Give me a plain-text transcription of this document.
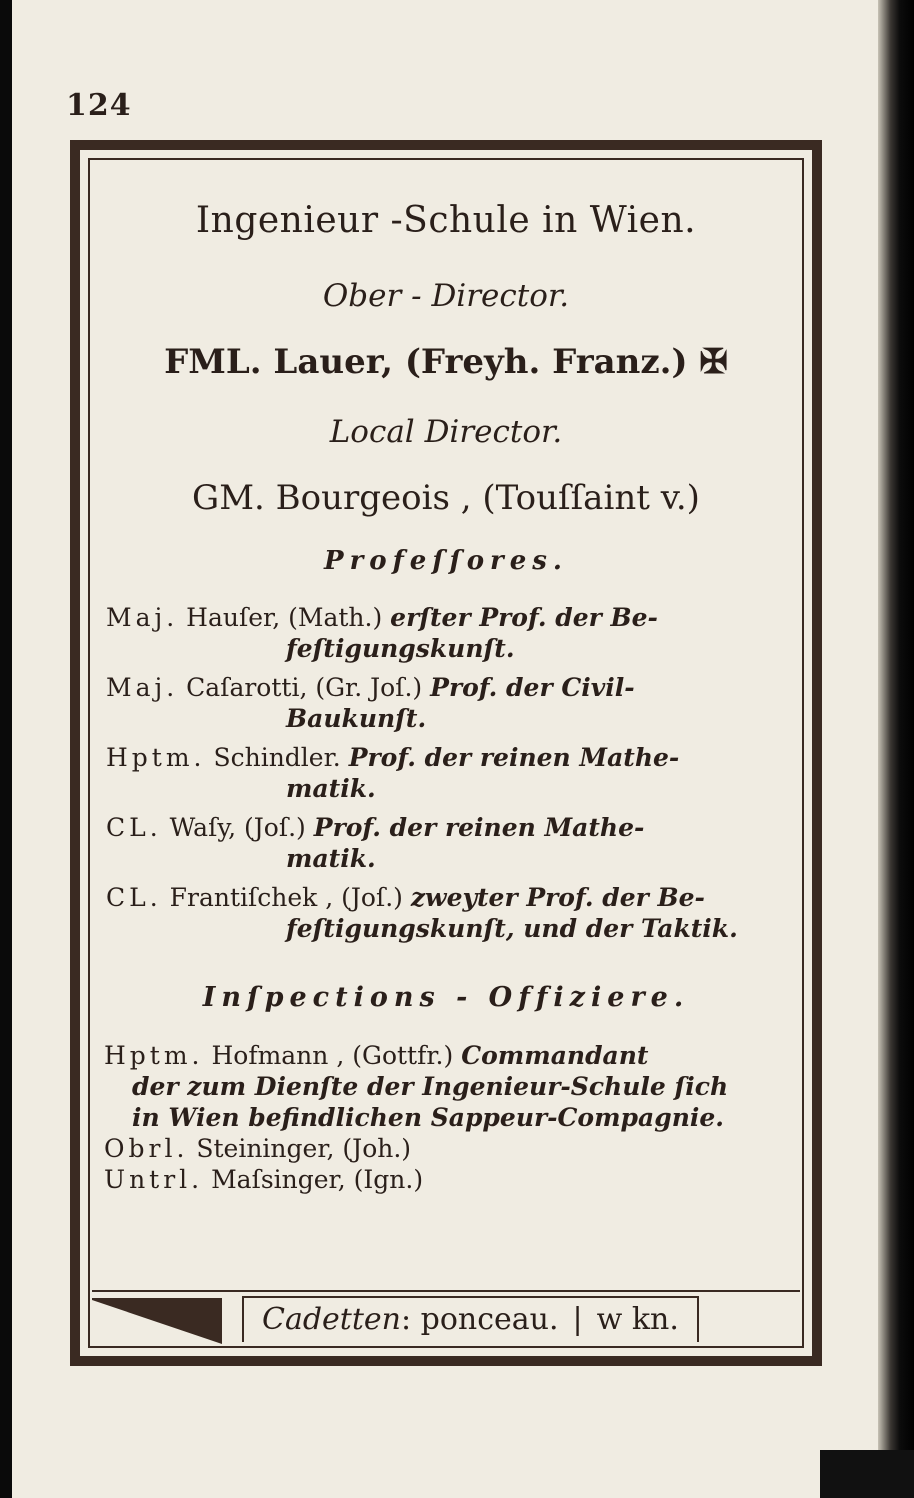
124
Ingenieur -Schule in Wien.
Ober - Director.
FML. Lauer, (Freyh. Franz.) ✠
Local Director.
GM. Bourgeois , (Touſſaint v.)
Profeſſores.
Maj. Hauſer, (Math.) erſter Prof. der Be-
feſtigungskunſt.
Maj. Caſarotti, (Gr. Joſ.) Prof. der Civil-
Baukunſt.
Hptm. Schindler. Prof. der reinen Mathe-
matik.
CL. Waſy, (Joſ.) Prof. der reinen Mathe-
matik.
CL. Frantiſchek , (Joſ.) zweyter Prof. der Be-
feſtigungskunſt, und der Taktik.
Inſpections - Offiziere.
Hptm. Hofmann , (Gottfr.) Commandant
der zum Dienſte der Ingenieur-Schule ſich
in Wien befindlichen Sappeur-Compagnie.
Obrl. Steininger, (Joh.)
Untrl. Maſsinger, (Ign.)
Cadetten: ponceau. | w kn.
